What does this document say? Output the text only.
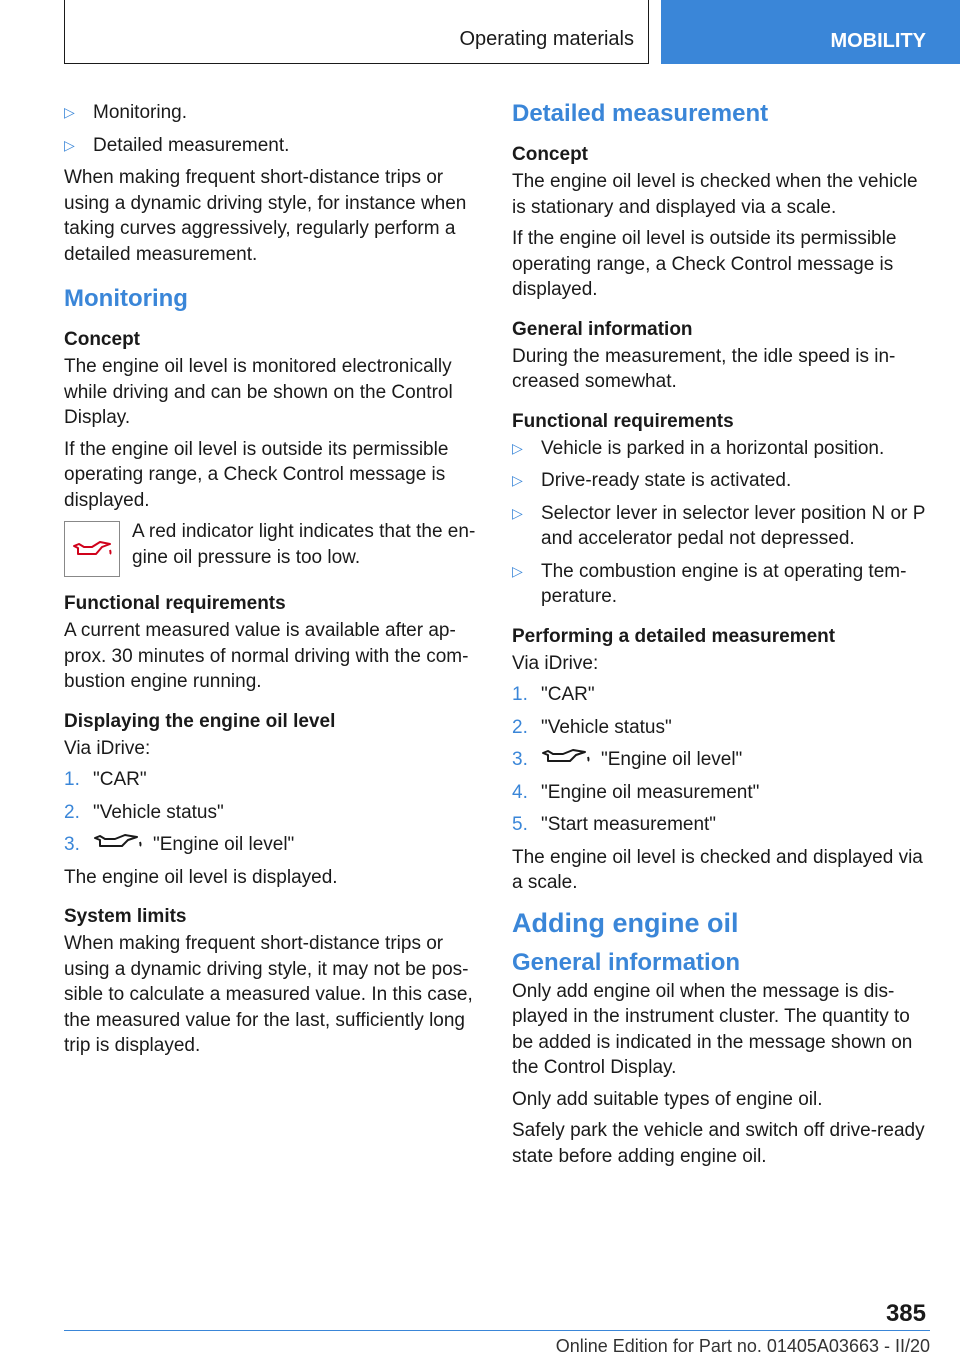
Operating materials	MOBILITY
▷ Monitoring.
▷ Detailed measurement.

When making frequent short-distance trips or using a dynamic driving style, for instance when taking curves aggressively, regularly perform a detailed measurement.

Monitoring
Concept

The engine oil level is monitored electronically while driving and can be shown on the Control Display.

If the engine oil level is outside its permissible operating range, a Check Control message is displayed.

A red indicator light indicates that the engine oil pressure is too low.
Functional requirements

A current measured value is available after approx. 30 minutes of normal driving with the combustion engine running.

Displaying the engine oil level

Via iDrive:

1. "CAR"
2. "Vehicle status"
3.	"Engine oil level"

The engine oil level is displayed.

System limits

When making frequent short-distance trips or using a dynamic driving style, it may not be possible to calculate a measured value. In this case, the measured value for the last, sufficiently long trip is displayed.

Detailed measurement
Concept

The engine oil level is checked when the vehicle is stationary and displayed via a scale.

If the engine oil level is outside its permissible operating range, a Check Control message is displayed.

General information

During the measurement, the idle speed is increased somewhat.

Functional requirements
▷ Vehicle is parked in a horizontal position.
▷ Drive-ready state is activated.
▷ Selector lever in selector lever position N or P and accelerator pedal not depressed.
▷ The combustion engine is at operating temperature.
Performing a detailed measurement

Via iDrive:

1. "CAR"
2. "Vehicle status"
3.	"Engine oil level"
4. "Engine oil measurement"
5. "Start measurement"

The engine oil level is checked and displayed via a scale.

Adding engine oil
General information

Only add engine oil when the message is displayed in the instrument cluster. The quantity to be added is indicated in the message shown on the Control Display.

Only add suitable types of engine oil.

Safely park the vehicle and switch off drive-ready state before adding engine oil.

385
Online Edition for Part no. 01405A03663 - II/20
